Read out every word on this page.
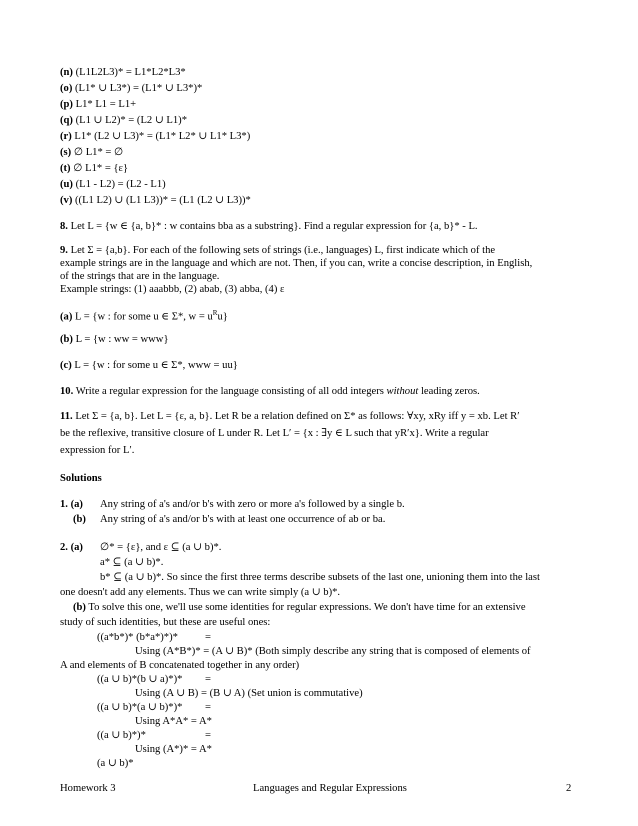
(n) (L1L2L3)* = L1*L2*L3*
(o) (L1* ∪ L3*) = (L1* ∪ L3*)*
(p) L1* L1 = L1+
(q) (L1 ∪ L2)* = (L2 ∪ L1)*
(r) L1* (L2 ∪ L3)* = (L1* L2* ∪ L1* L3*)
(s) ∅ L1* = ∅
(t) ∅ L1* = {ε}
(u) (L1 - L2) = (L2 - L1)
(v) ((L1 L2) ∪ (L1 L3))* = (L1 (L2 ∪ L3))*
8. Let L = {w ∈ {a, b}* : w contains bba as a substring}. Find a regular expression for {a, b}* - L.
9. Let Σ = {a,b}. For each of the following sets of strings (i.e., languages) L, first indicate which of the
example strings are in the language and which are not. Then, if you can, write a concise description, in English,
of the strings that are in the language.
Example strings: (1) aaabbb, (2) abab, (3) abba, (4) ε
(a) L = {w : for some u ∈ Σ*, $w = u^Ru$}
(b) L = {w : ww = www}
(c) L = {w : for some u ∈ Σ*, www = uu}
10. Write a regular expression for the language consisting of all odd integers without leading zeros.
11. Let Σ = {a, b}. Let L = {ε, a, b}. Let R be a relation defined on Σ* as follows: ∀xy, xRy iff y = xb. Let R′
be the reflexive, transitive closure of L under R. Let L′ = {x : ∃y ∈ L such that yR′x}. Write a regular
expression for L′.
Solutions
1. (a) Any string of a's and/or b's with zero or more a's followed by a single b.
(b) Any string of a's and/or b's with at least one occurrence of ab or ba.
2. (a) ∅* = {ε}, and ε ⊆ (a ∪ b)*.
a* ⊆ (a ∪ b)*.
b* ⊆ (a ∪ b)*. So since the first three terms describe subsets of the last one, unioning them into the last
one doesn't add any elements. Thus we can write simply (a ∪ b)*.
(b) To solve this one, we'll use some identities for regular expressions. We don't have time for an extensive
study of such identities, but these are useful ones:
((a*b*)* (b*a*)*)*	=
Using (A*B*)* = (A ∪ B)* (Both simply describe any string that is composed of elements of
A and elements of B concatenated together in any order)
((a ∪ b)*(b ∪ a)*)* =
Using (A ∪ B) = (B ∪ A) (Set union is commutative)
((a ∪ b)*(a ∪ b)*)* =
Using A*A* = A*
((a ∪ b)*)*	=
Using (A*)* = A*
(a ∪ b)*
Homework 3	Languages and Regular Expressions	2
